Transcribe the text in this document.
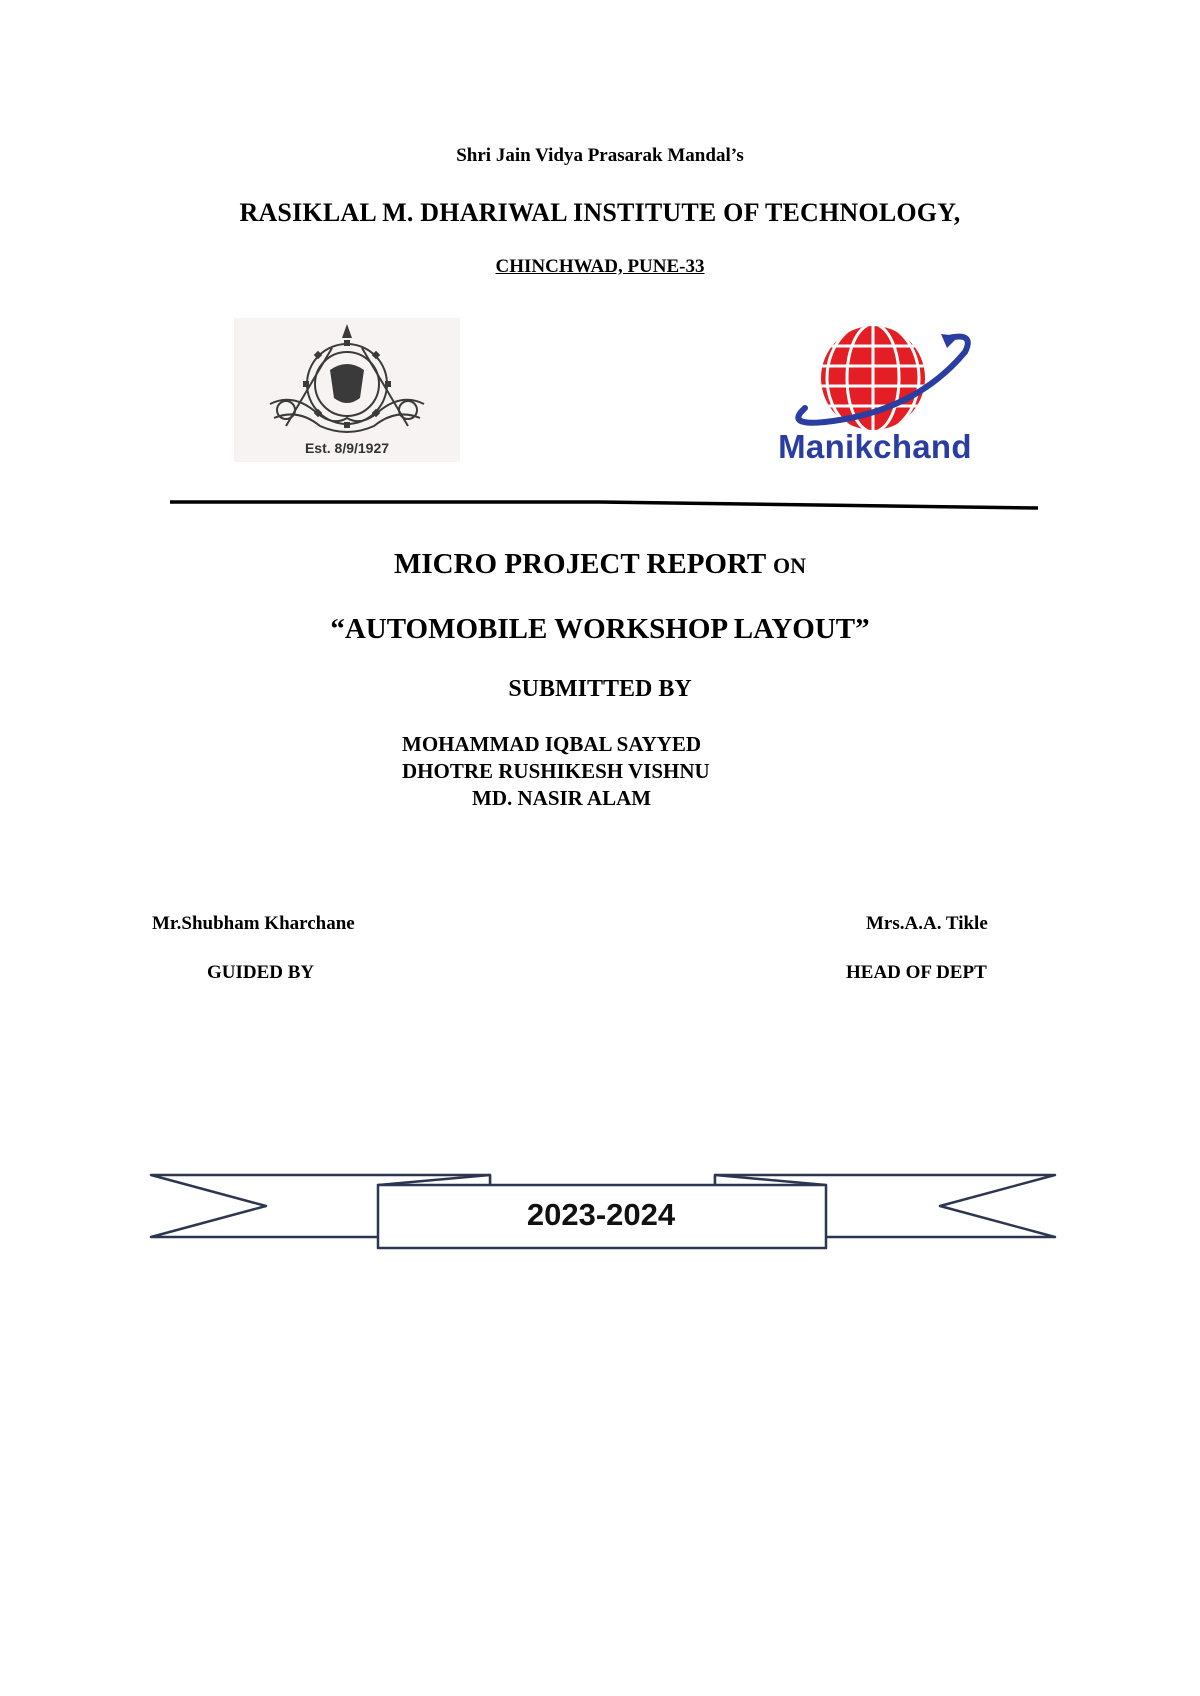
Shri Jain Vidya Prasarak Mandal’s
RASIKLAL M. DHARIWAL INSTITUTE OF TECHNOLOGY,
CHINCHWAD, PUNE-33
Est. 8/9/1927	Manikchand
MICRO PROJECT REPORT ON
“AUTOMOBILE WORKSHOP LAYOUT”
SUBMITTED BY
MOHAMMAD IQBAL SAYYED
DHOTRE RUSHIKESH VISHNU
MD. NASIR ALAM
Mr.Shubham Kharchane
GUIDED BY
Mrs.A.A. Tikle
HEAD OF DEPT
2023-2024
